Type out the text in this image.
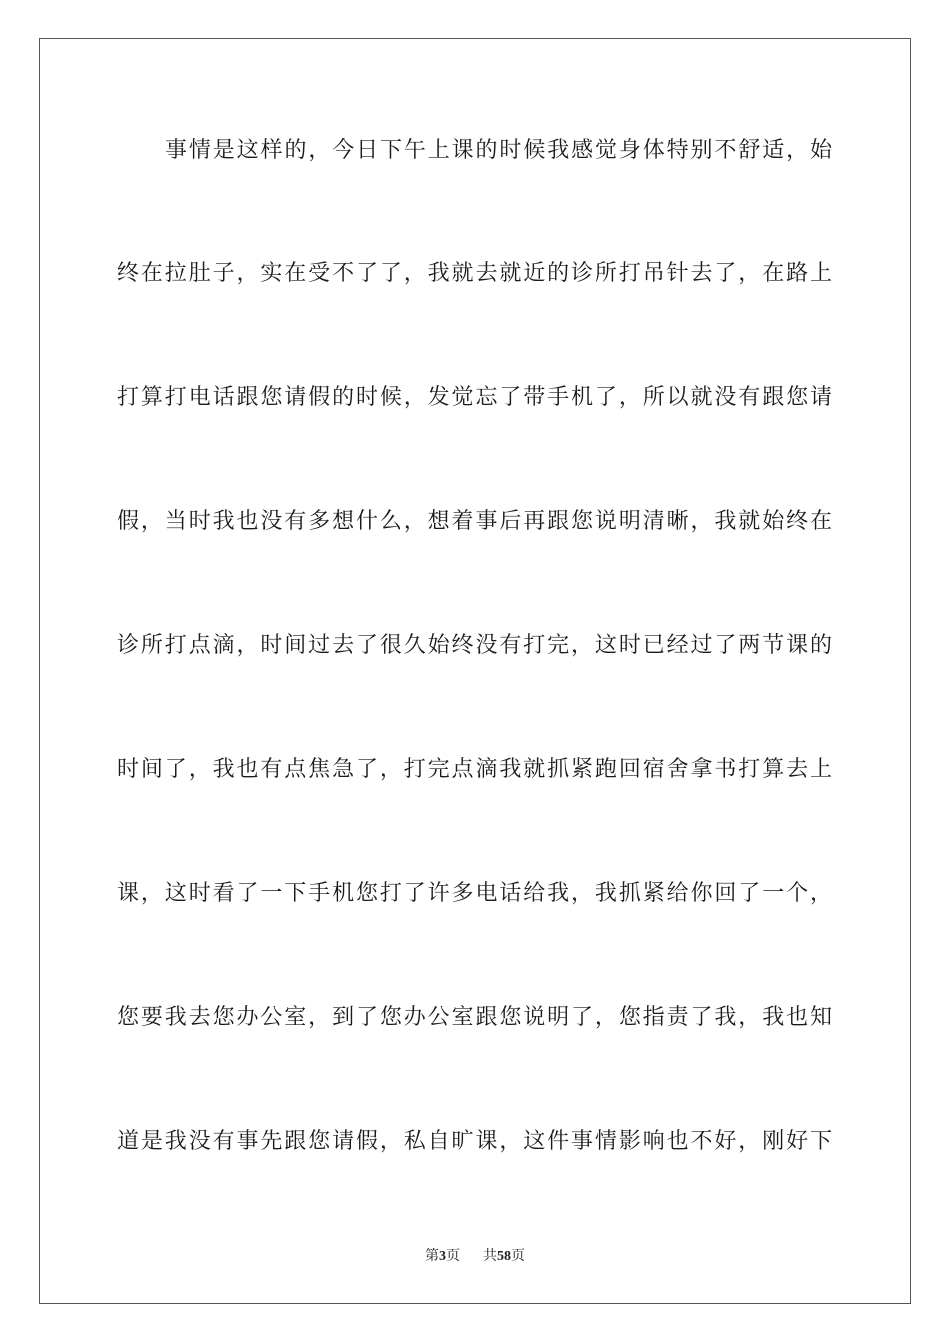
事情是这样的，今日下午上课的时候我感觉身体特别不舒适，始
终在拉肚子，实在受不了了，我就去就近的诊所打吊针去了，在路上
打算打电话跟您请假的时候，发觉忘了带手机了，所以就没有跟您请
假，当时我也没有多想什么，想着事后再跟您说明清晰，我就始终在
诊所打点滴，时间过去了很久始终没有打完，这时已经过了两节课的
时间了，我也有点焦急了，打完点滴我就抓紧跑回宿舍拿书打算去上
课，这时看了一下手机您打了许多电话给我，我抓紧给你回了一个，
您要我去您办公室，到了您办公室跟您说明了，您指责了我，我也知
道是我没有事先跟您请假，私自旷课，这件事情影响也不好，刚好下
第3页 共58页
